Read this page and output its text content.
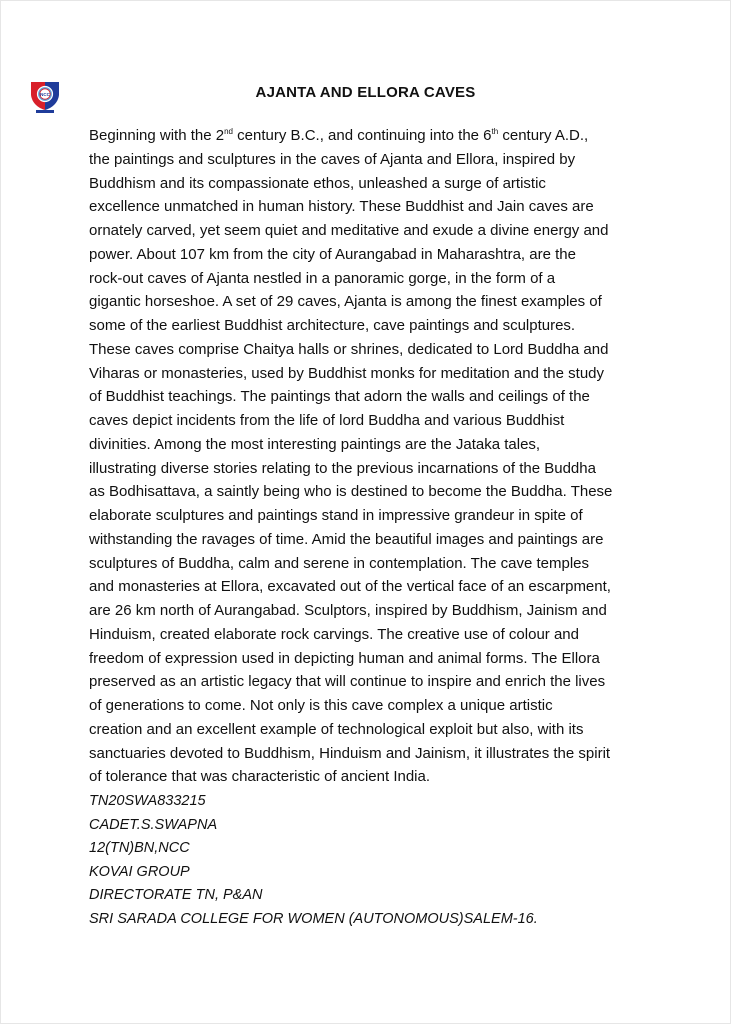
NCC	AJANTA AND ELLORA CAVES
Beginning with the 2nd century B.C., and continuing into the 6th century A.D.,
the paintings and sculptures in the caves of Ajanta and Ellora, inspired by
Buddhism and its compassionate ethos, unleashed a surge of artistic
excellence unmatched in human history. These Buddhist and Jain caves are
ornately carved, yet seem quiet and meditative and exude a divine energy and
power. About 107 km from the city of Aurangabad in Maharashtra, are the
rock-out caves of Ajanta nestled in a panoramic gorge, in the form of a
gigantic horseshoe. A set of 29 caves, Ajanta is among the finest examples of
some of the earliest Buddhist architecture, cave paintings and sculptures.
These caves comprise Chaitya halls or shrines, dedicated to Lord Buddha and
Viharas or monasteries, used by Buddhist monks for meditation and the study
of Buddhist teachings. The paintings that adorn the walls and ceilings of the
caves depict incidents from the life of lord Buddha and various Buddhist
divinities. Among the most interesting paintings are the Jataka tales,
illustrating diverse stories relating to the previous incarnations of the Buddha
as Bodhisattava, a saintly being who is destined to become the Buddha. These
elaborate sculptures and paintings stand in impressive grandeur in spite of
withstanding the ravages of time. Amid the beautiful images and paintings are
sculptures of Buddha, calm and serene in contemplation. The cave temples
and monasteries at Ellora, excavated out of the vertical face of an escarpment,
are 26 km north of Aurangabad. Sculptors, inspired by Buddhism, Jainism and
Hinduism, created elaborate rock carvings. The creative use of colour and
freedom of expression used in depicting human and animal forms. The Ellora
preserved as an artistic legacy that will continue to inspire and enrich the lives
of generations to come. Not only is this cave complex a unique artistic
creation and an excellent example of technological exploit but also, with its
sanctuaries devoted to Buddhism, Hinduism and Jainism, it illustrates the spirit
of tolerance that was characteristic of ancient India.
TN20SWA833215
CADET.S.SWAPNA
12(TN)BN,NCC
KOVAI GROUP
DIRECTORATE TN, P&AN
SRI SARADA COLLEGE FOR WOMEN (AUTONOMOUS)SALEM-16.
